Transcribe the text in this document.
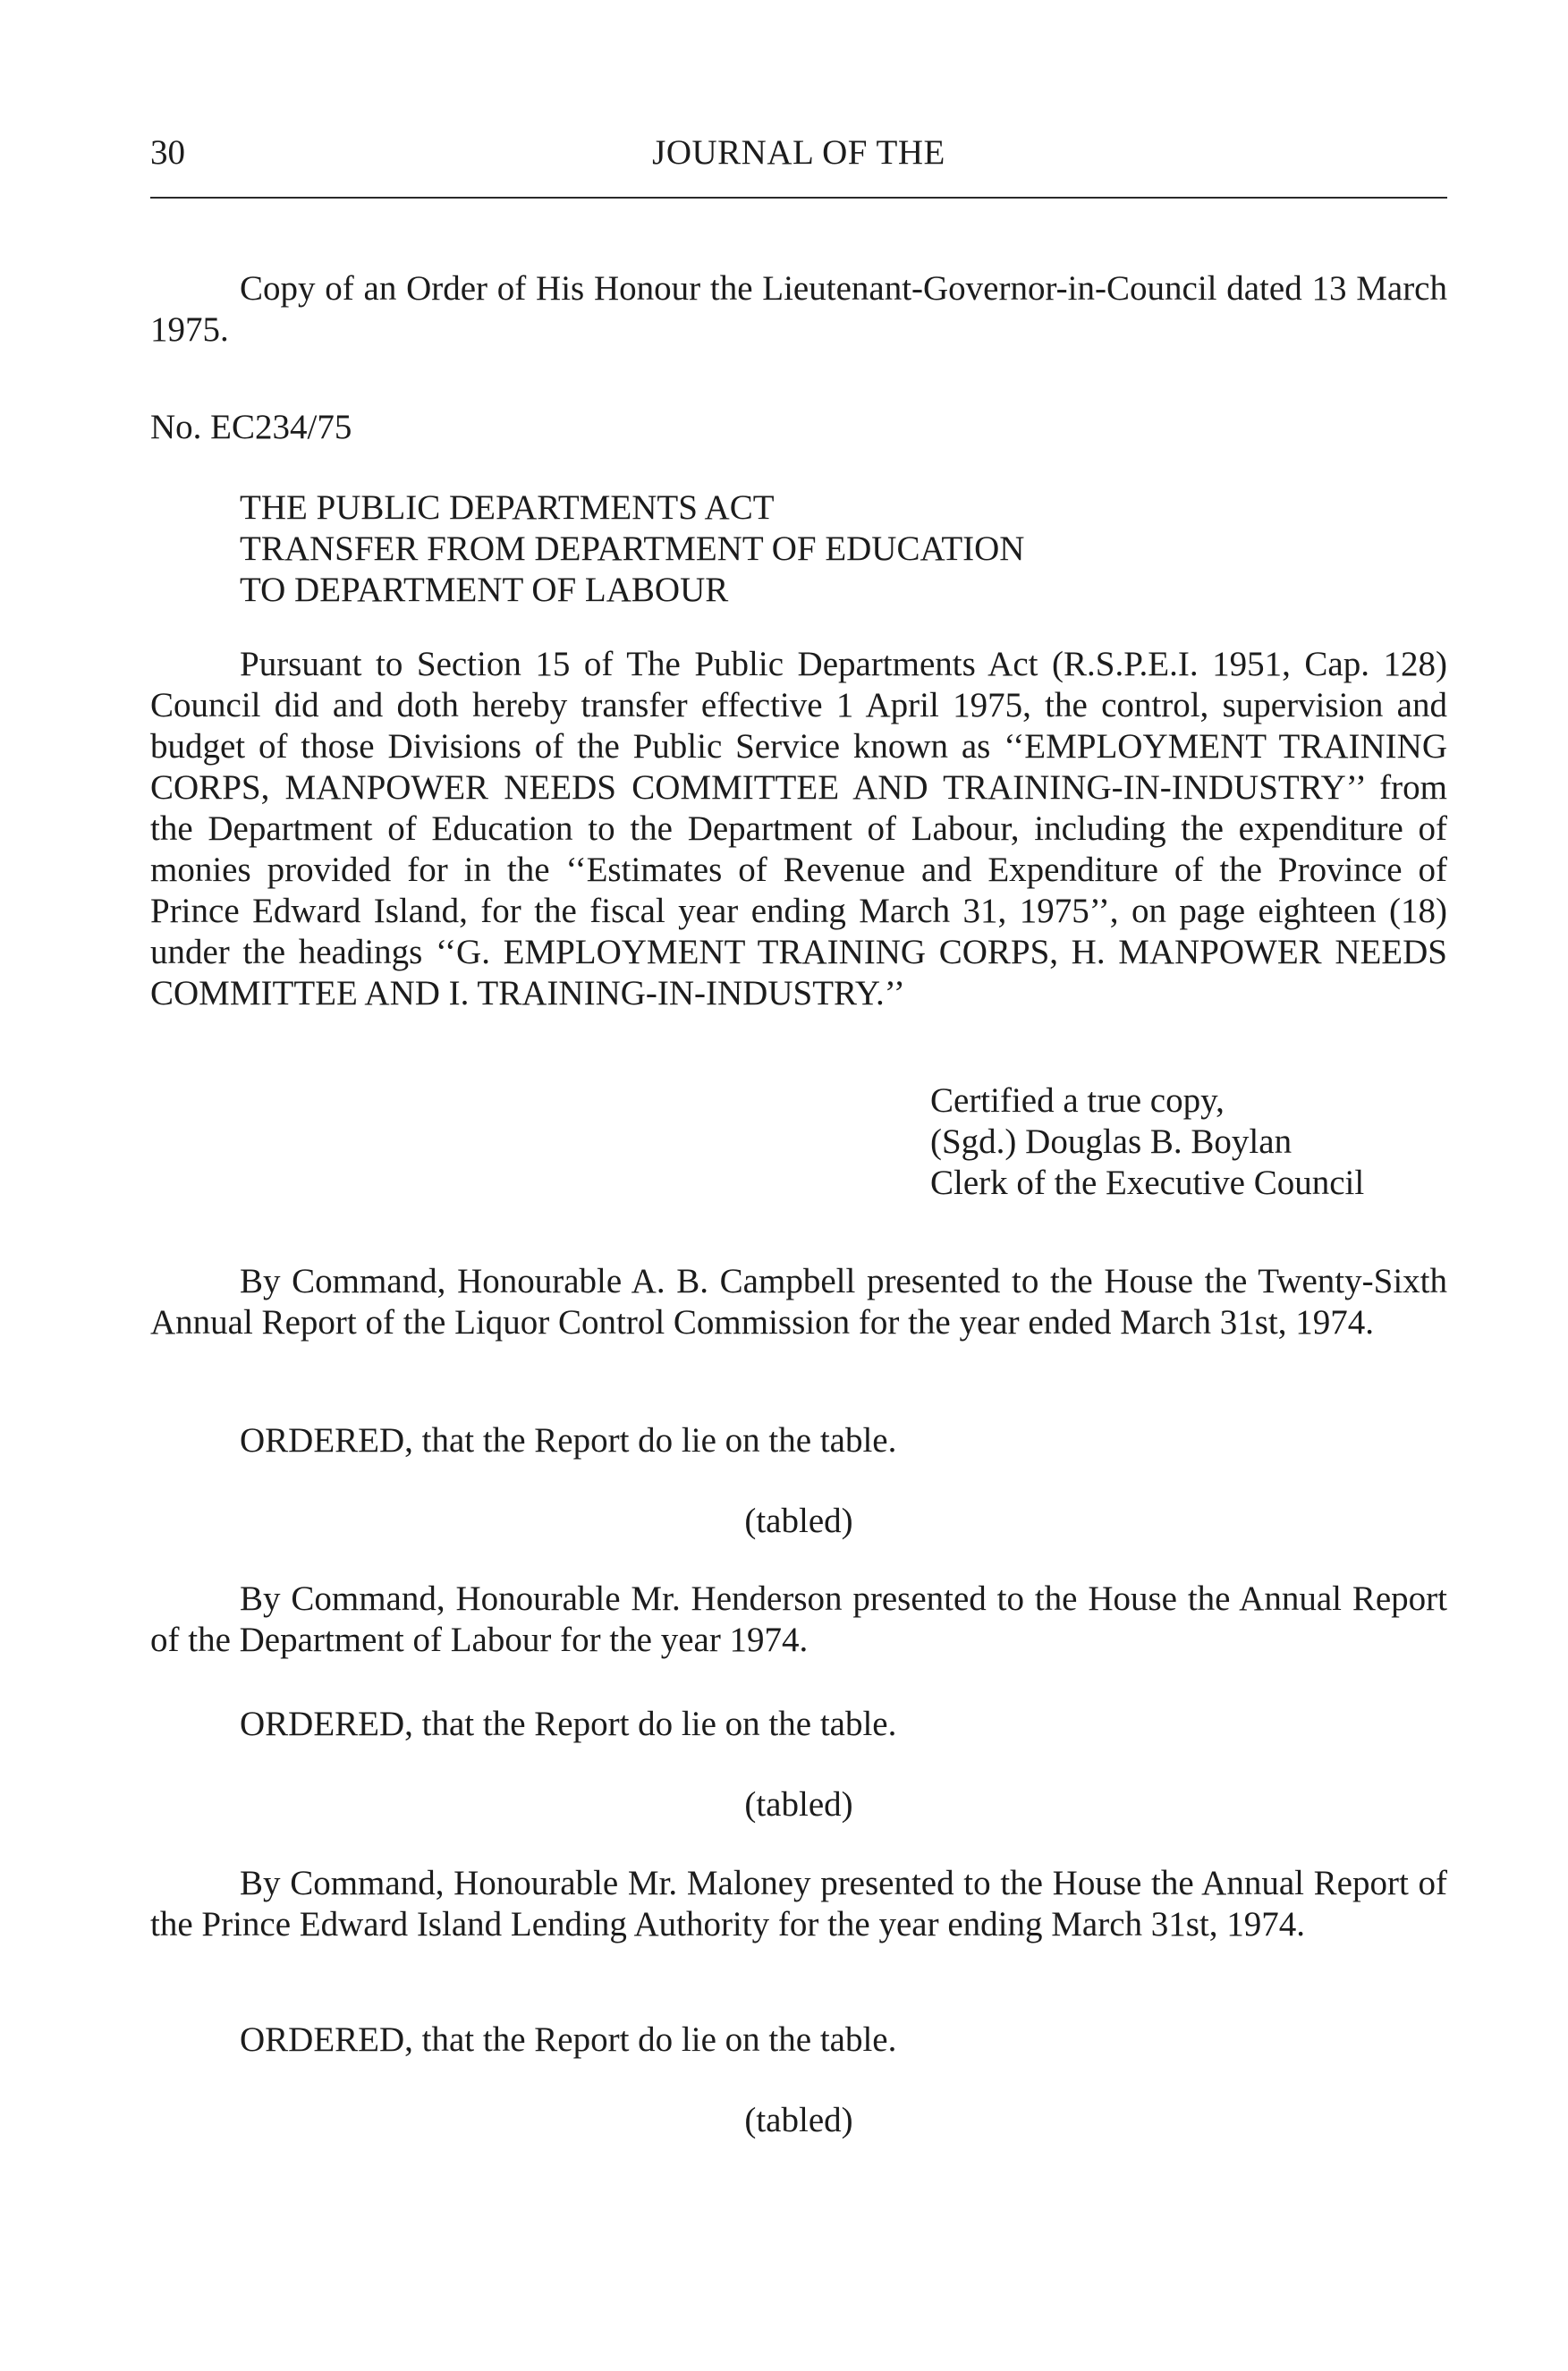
30	JOURNAL OF THE

Copy of an Order of His Honour the Lieutenant-Governor-in-Council dated 13 March 1975.

No. EC234/75

THE PUBLIC DEPARTMENTS ACT
TRANSFER FROM DEPARTMENT OF EDUCATION
TO DEPARTMENT OF LABOUR

Pursuant to Section 15 of The Public Departments Act (R.S.P.E.I. 1951, Cap. 128) Council did and doth hereby transfer effective 1 April 1975, the control, supervision and budget of those Divisions of the Public Service known as ‘‘EMPLOYMENT TRAINING CORPS, MANPOWER NEEDS COMMITTEE AND TRAINING-IN-INDUSTRY’’ from the Department of Education to the Department of Labour, including the expenditure of monies provided for in the ‘‘Estimates of Revenue and Expenditure of the Province of Prince Edward Island, for the fiscal year ending March 31, 1975’’, on page eighteen (18) under the headings ‘‘G. EMPLOYMENT TRAINING CORPS, H. MANPOWER NEEDS COMMITTEE AND I. TRAINING-IN-INDUSTRY.’’

Certified a true copy,
(Sgd.) Douglas B. Boylan
Clerk of the Executive Council

By Command, Honourable A. B. Campbell presented to the House the Twenty-Sixth Annual Report of the Liquor Control Commission for the year ended March 31st, 1974.

ORDERED, that the Report do lie on the table.

(tabled)

By Command, Honourable Mr. Henderson presented to the House the Annual Report of the Department of Labour for the year 1974.

ORDERED, that the Report do lie on the table.

(tabled)

By Command, Honourable Mr. Maloney presented to the House the Annual Report of the Prince Edward Island Lending Authority for the year ending March 31st, 1974.

ORDERED, that the Report do lie on the table.

(tabled)
